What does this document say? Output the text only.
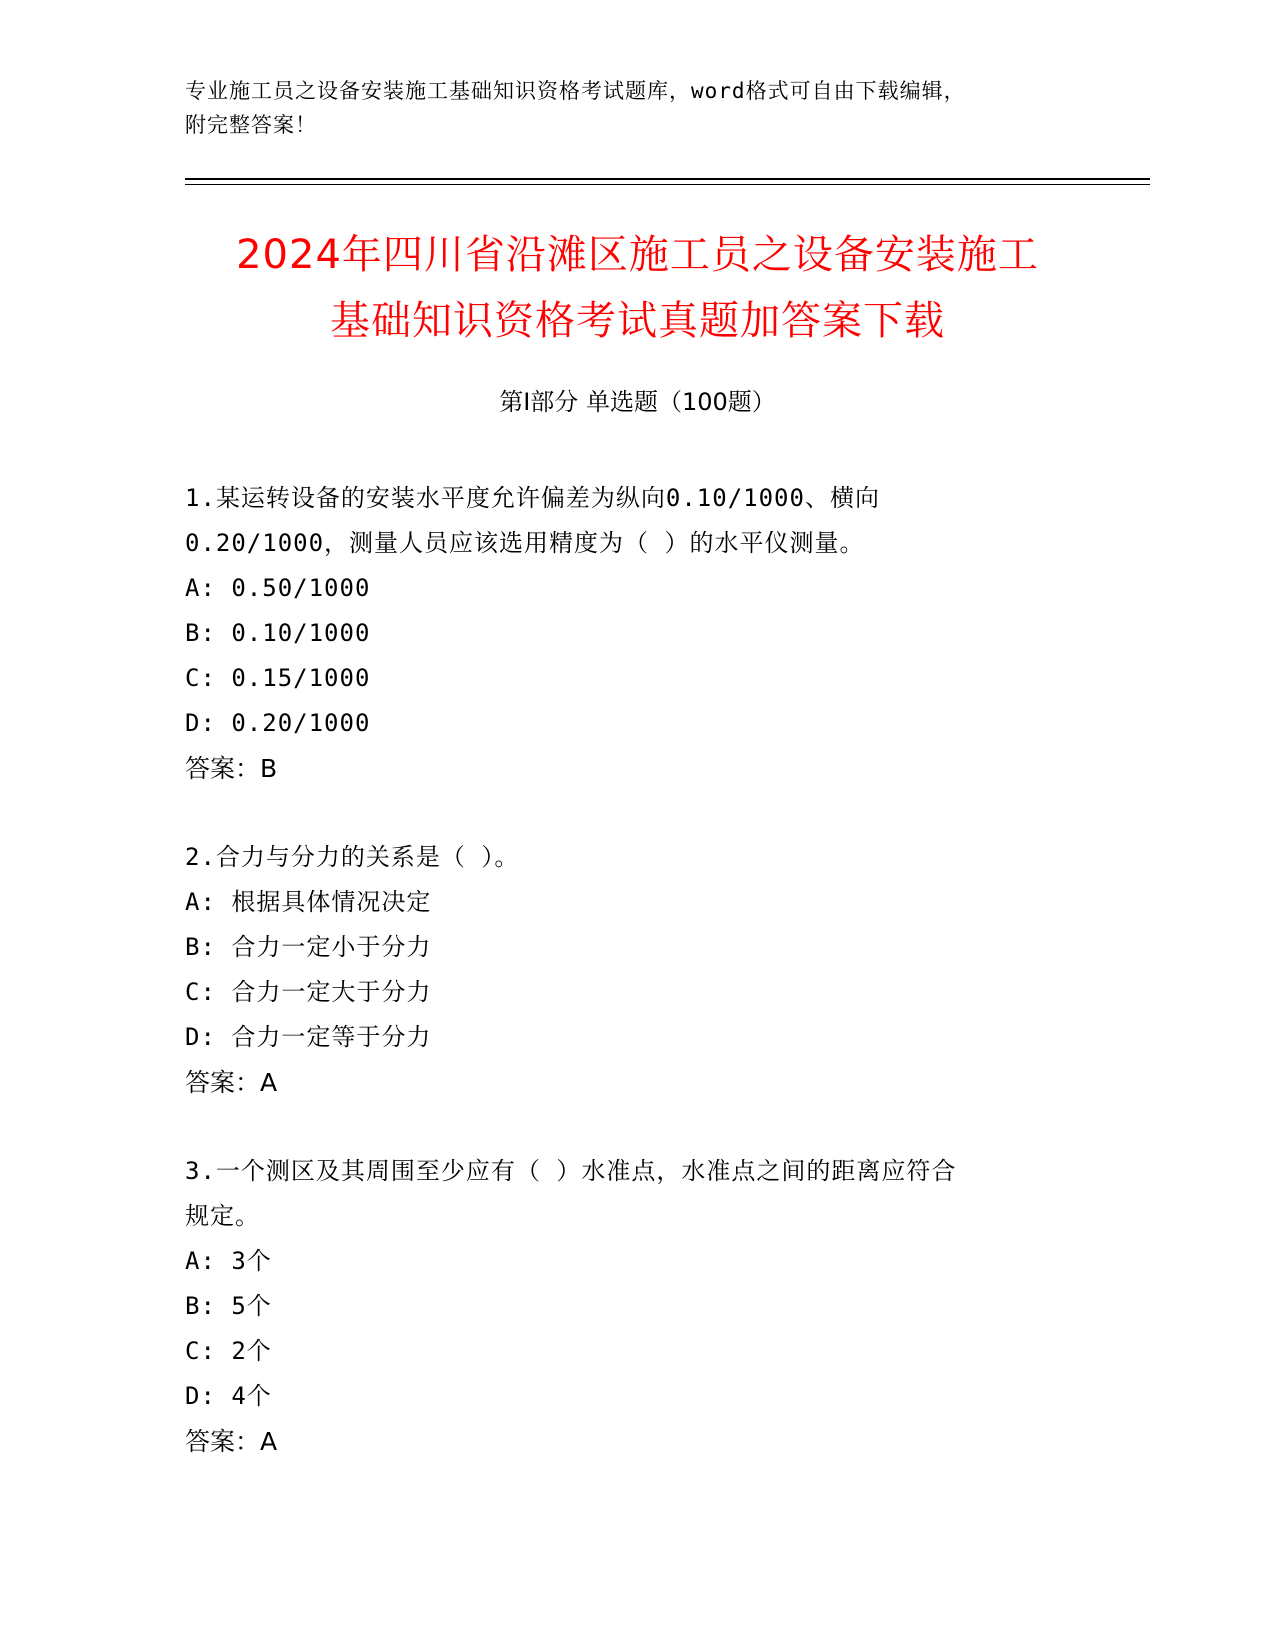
专业施工员之设备安装施工基础知识资格考试题库，word格式可自由下载编辑，
附完整答案！
2024年四川省沿滩区施工员之设备安装施工
基础知识资格考试真题加答案下载
第Ⅰ部分 单选题（100题）
1.某运转设备的安装水平度允许偏差为纵向0.10/1000、横向
0.20/1000，测量人员应该选用精度为（ ）的水平仪测量。
A: 0.50/1000
B: 0.10/1000
C: 0.15/1000
D: 0.20/1000
答案：B
2.合力与分力的关系是（ ）。
A: 根据具体情况决定
B: 合力一定小于分力
C: 合力一定大于分力
D: 合力一定等于分力
答案：A
3.一个测区及其周围至少应有（ ）水准点，水准点之间的距离应符合
规定。
A: 3个
B: 5个
C: 2个
D: 4个
答案：A
